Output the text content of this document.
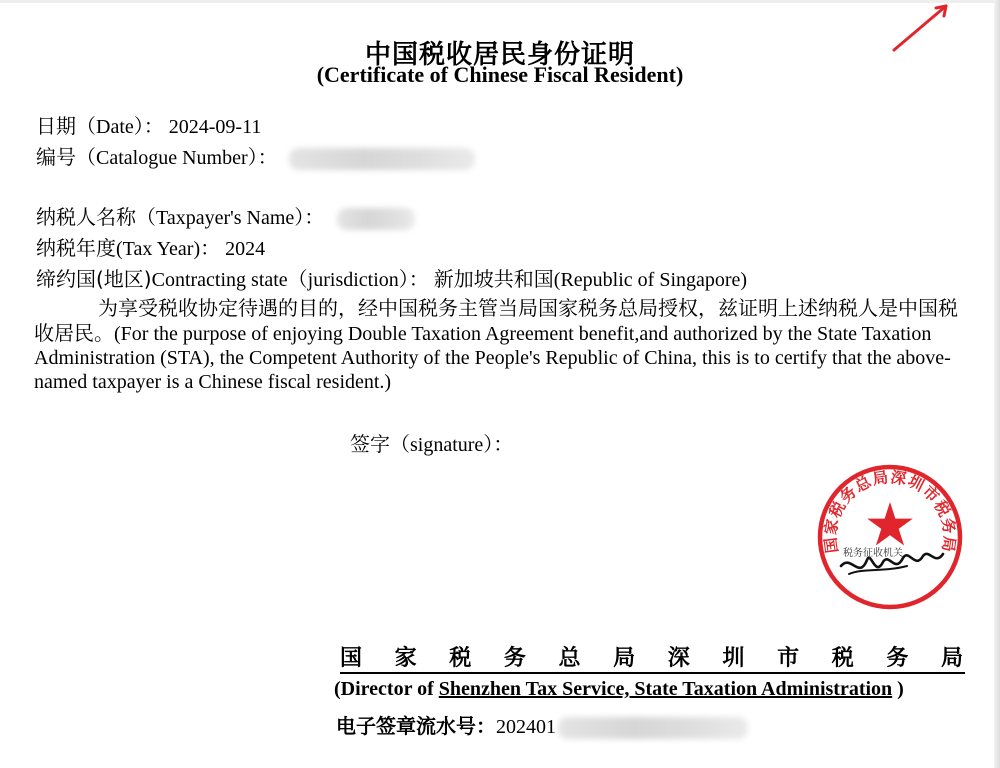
中国税收居民身份证明
(Certificate of Chinese Fiscal Resident)
日期（Date）： 2024-09-11
编号（Catalogue Number）：
纳税人名称（Taxpayer's Name）：
纳税年度(Tax Year)： 2024
缔约国(地区)Contracting state（jurisdiction）： 新加坡共和国(Republic of Singapore)
为享受税收协定待遇的目的，经中国税务主管当局国家税务总局授权，兹证明上述纳税人是中国税收居民。(For the purpose of enjoying Double Taxation Agreement benefit,and authorized by the State Taxation Administration (STA), the Competent Authority of the People's Republic of China, this is to certify that the above-named taxpayer is a Chinese fiscal resident.)
签字（signature）：
国家税务总局深圳市税务局
税务征收机关
国家税务总局深圳市税务局
(Director of Shenzhen Tax Service, State Taxation Administration )
电子签章流水号：202401
